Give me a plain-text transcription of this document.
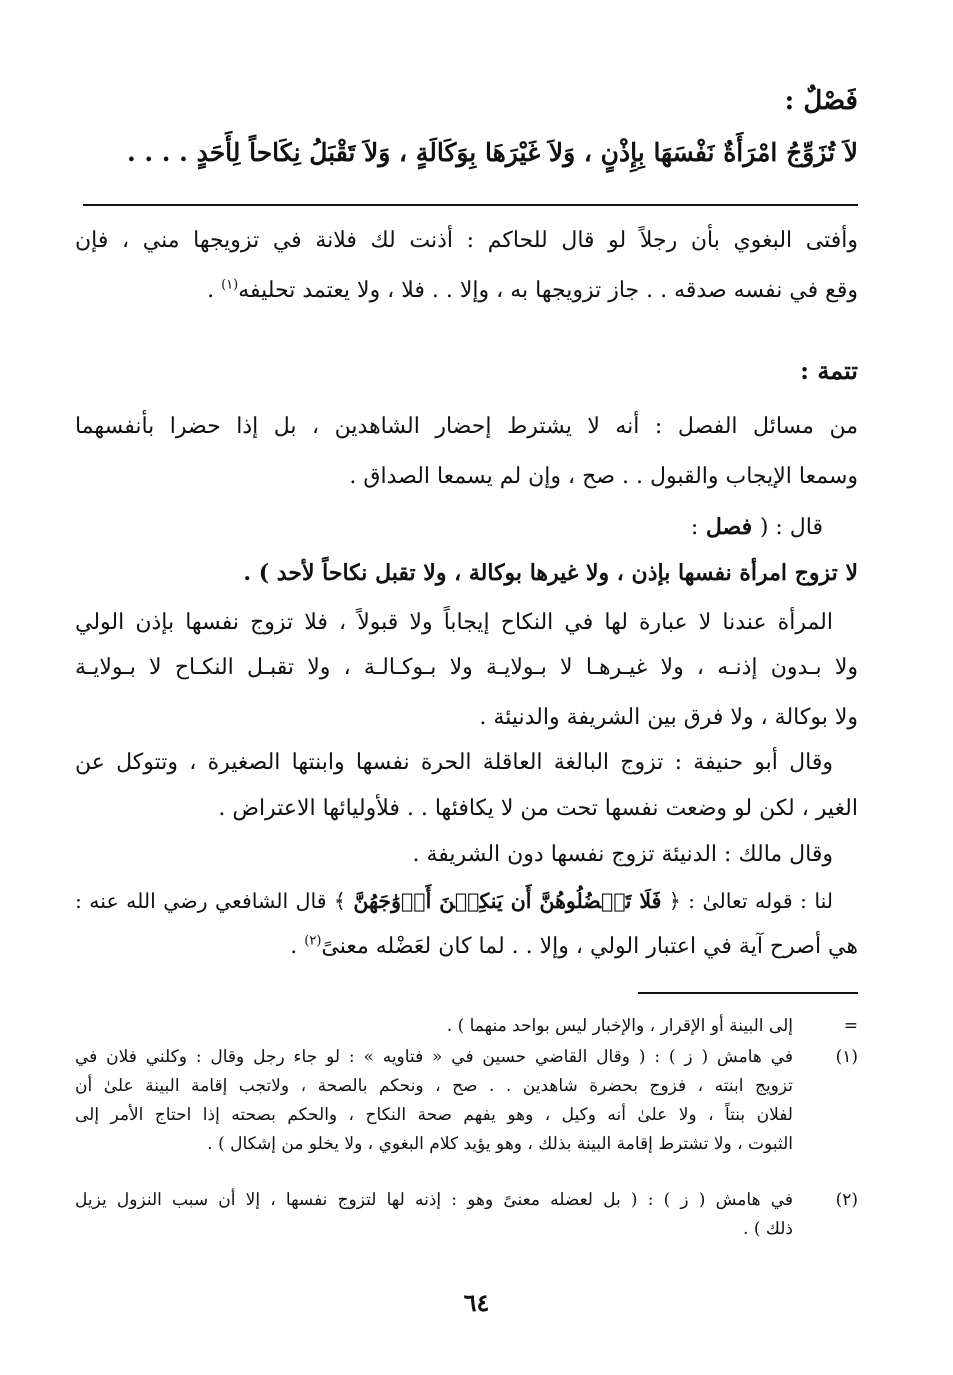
فَصْلٌ :
لاَ تُزَوِّجُ امْرَأَةٌ نَفْسَهَا بِإِذْنٍ ، وَلاَ غَيْرَهَا بِوَكَالَةٍ ، وَلاَ تَقْبَلُ نِكَاحاً لِأَحَدٍ . . . .
وأفتى البغوي بأن رجلاً لو قال للحاكم : أذنت لك فلانة في تزويجها مني ، فإن
وقع في نفسه صدقه . . جاز تزويجها به ، وإلا . . فلا ، ولا يعتمد تحليفه$^{(١)}$ .
تتمة :
من مسائل الفصل : أنه لا يشترط إحضار الشاهدين ، بل إذا حضرا بأنفسهما
وسمعا الإيجاب والقبول . . صح ، وإن لم يسمعا الصداق .
قال : ( فصل :
لا تزوج امرأة نفسها بإذن ، ولا غيرها بوكالة ، ولا تقبل نكاحاً لأحد ) .
المرأة عندنا لا عبارة لها في النكاح إيجاباً ولا قبولاً ، فلا تزوج نفسها بإذن الولي
ولا بـدون إذنـه ، ولا غيـرهـا لا بـولايـة ولا بـوكـالـة ، ولا تقبـل النكـاح لا بـولايـة
ولا بوكالة ، ولا فرق بين الشريفة والدنيئة .
وقال أبو حنيفة : تزوج البالغة العاقلة الحرة نفسها وابنتها الصغيرة ، وتتوكل عن
الغير ، لكن لو وضعت نفسها تحت من لا يكافئها . . فلأوليائها الاعتراض .
وقال مالك : الدنيئة تزوج نفسها دون الشريفة .
لنا : قوله تعالىٰ : ﴿ فَلَا تَعۡضُلُوهُنَّ أَن يَنكِحۡنَ أَزۡوَٰجَهُنَّ ﴾ قال الشافعي رضي الله عنه :
هي أصرح آية في اعتبار الولي ، وإلا . . لما كان لعَضْله معنىً$^{(٢)}$ .
=
إلى البينة أو الإقرار ، والإخبار ليس بواحد منهما ) .
(١)
في هامش ( ز ) : ( وقال القاضي حسين في « فتاويه » : لو جاء رجل وقال : وكلني فلان في
تزويج ابنته ، فزوج بحضرة شاهدين . . صح ، ونحكم بالصحة ، ولاتجب إقامة البينة علىٰ أن
لفلان بنتاً ، ولا علىٰ أنه وكيل ، وهو يفهم صحة النكاح ، والحكم بصحته إذا احتاج الأمر إلى
الثبوت ، ولا تشترط إقامة البينة بذلك ، وهو يؤيد كلام البغوي ، ولا يخلو من إشكال ) .
(٢)
في هامش ( ز ) : ( بل لعضله معنىً وهو : إذنه لها لتزوج نفسها ، إلا أن سبب النزول يزيل
ذلك ) .
٦٤
